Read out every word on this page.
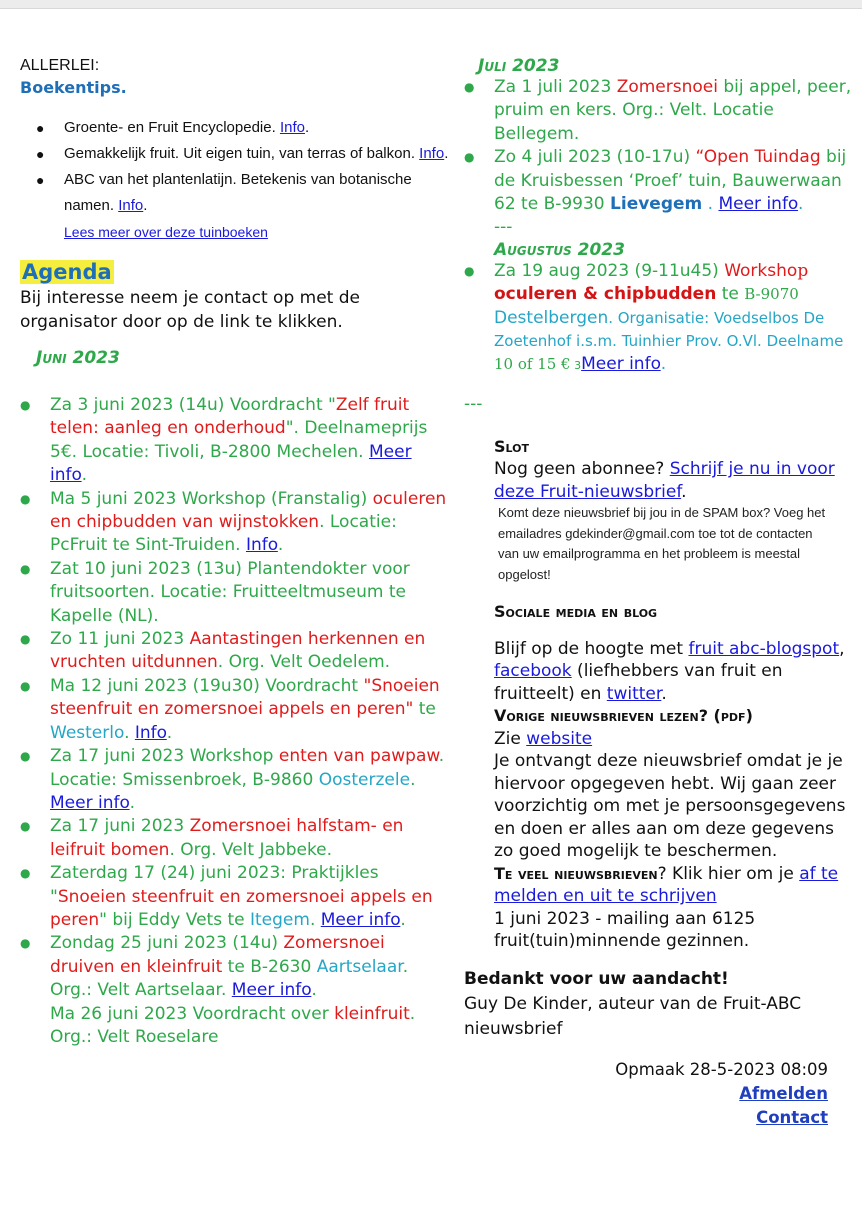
ALLERLEI:
Boekentips.
● Groente- en Fruit Encyclopedie. Info.
● Gemakkelijk fruit. Uit eigen tuin, van terras of balkon. Info.
● ABC van het plantenlatijn. Betekenis van botanische namen. Info.
Lees meer over deze tuinboeken
Agenda
Bij interesse neem je contact op met de organisator door op de link te klikken.
Juni 2023
● Za 3 juni 2023 (14u) Voordracht "Zelf fruit telen: aanleg en onderhoud". Deelnameprijs 5€. Locatie: Tivoli, B-2800 Mechelen. Meer info.
● Ma 5 juni 2023 Workshop (Franstalig) oculeren en chipbudden van wijnstokken. Locatie: PcFruit te Sint-Truiden. Info.
● Zat 10 juni 2023 (13u) Plantendokter voor fruitsoorten. Locatie: Fruitteeltmuseum te Kapelle (NL).
● Zo 11 juni 2023 Aantastingen herkennen en vruchten uitdunnen. Org. Velt Oedelem.
● Ma 12 juni 2023 (19u30) Voordracht "Snoeien steenfruit en zomersnoei appels en peren" te Westerlo. Info.
● Za 17 juni 2023 Workshop enten van pawpaw. Locatie: Smissenbroek, B-9860 Oosterzele. Meer info.
● Za 17 juni 2023 Zomersnoei halfstam- en leifruit bomen. Org. Velt Jabbeke.
● Zaterdag 17 (24) juni 2023: Praktijkles "Snoeien steenfruit en zomersnoei appels en peren" bij Eddy Vets te Itegem. Meer info.
● Zondag 25 juni 2023 (14u) Zomersnoei druiven en kleinfruit te B-2630 Aartselaar. Org.: Velt Aartselaar. Meer info.
Ma 26 juni 2023 Voordracht over kleinfruit. Org.: Velt Roeselare
Juli 2023
● Za 1 juli 2023 Zomersnoei bij appel, peer, pruim en kers. Org.: Velt. Locatie Bellegem.
● Zo 4 juli 2023 (10-17u) “Open Tuindag bij de Kruisbessen ‘Proef’ tuin, Bauwerwaan 62 te B-9930 Lievegem . Meer info.
---
Augustus 2023
● Za 19 aug 2023 (9-11u45) Workshop
oculeren & chipbudden te B-9070
Destelbergen. Organisatie: Voedselbos De Zoetenhof i.s.m. Tuinhier Prov. O.Vl. Deelname 10 of 15 € 3Meer info.
---
Slot
Nog geen abonnee? Schrijf je nu in voor deze Fruit-nieuwsbrief.
Komt deze nieuwsbrief bij jou in de SPAM box? Voeg het emailadres gdekinder@gmail.com toe tot de contacten van uw emailprogramma en het probleem is meestal opgelost!
Sociale media en blog
Blijf op de hoogte met fruit abc-blogspot, facebook (liefhebbers van fruit en fruitteelt) en twitter.
Vorige nieuwsbrieven lezen? (pdf)
Zie website
Je ontvangt deze nieuwsbrief omdat je je hiervoor opgegeven hebt. Wij gaan zeer voorzichtig om met je persoonsgegevens en doen er alles aan om deze gegevens zo goed mogelijk te beschermen.
Te veel nieuwsbrieven? Klik hier om je af te melden en uit te schrijven
1 juni 2023 - mailing aan 6125 fruit(tuin)minnende gezinnen.
Bedankt voor uw aandacht!
Guy De Kinder, auteur van de Fruit-ABC nieuwsbrief
Opmaak 28-5-2023 08:09
Afmelden
Contact
